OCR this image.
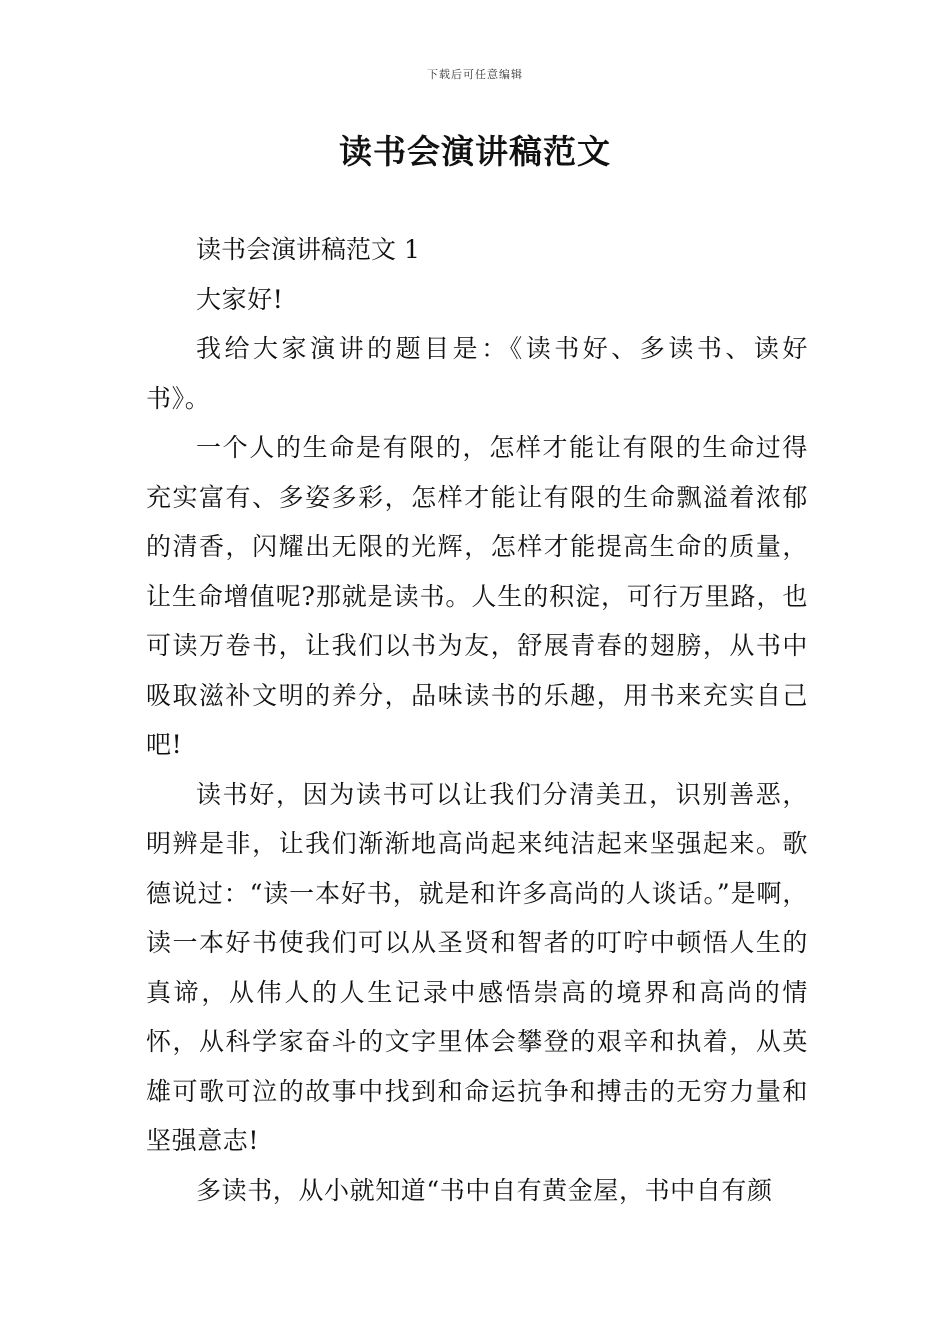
下载后可任意编辑
读书会演讲稿范文

读书会演讲稿范文 1

大家好!

我给大家演讲的题目是：《读书好、多读书、读好书》。

一个人的生命是有限的，怎样才能让有限的生命过得充实富有、多姿多彩，怎样才能让有限的生命飘溢着浓郁的清香，闪耀出无限的光辉，怎样才能提高生命的质量，让生命增值呢?那就是读书。人生的积淀，可行万里路，也可读万卷书，让我们以书为友，舒展青春的翅膀，从书中吸取滋补文明的养分，品味读书的乐趣，用书来充实自己吧!

读书好，因为读书可以让我们分清美丑，识别善恶，明辨是非，让我们渐渐地高尚起来纯洁起来坚强起来。歌德说过：“读一本好书，就是和许多高尚的人谈话。”是啊，读一本好书使我们可以从圣贤和智者的叮咛中顿悟人生的真谛，从伟人的人生记录中感悟崇高的境界和高尚的情怀，从科学家奋斗的文字里体会攀登的艰辛和执着，从英雄可歌可泣的故事中找到和命运抗争和搏击的无穷力量和坚强意志!

多读书，从小就知道“书中自有黄金屋，书中自有颜
